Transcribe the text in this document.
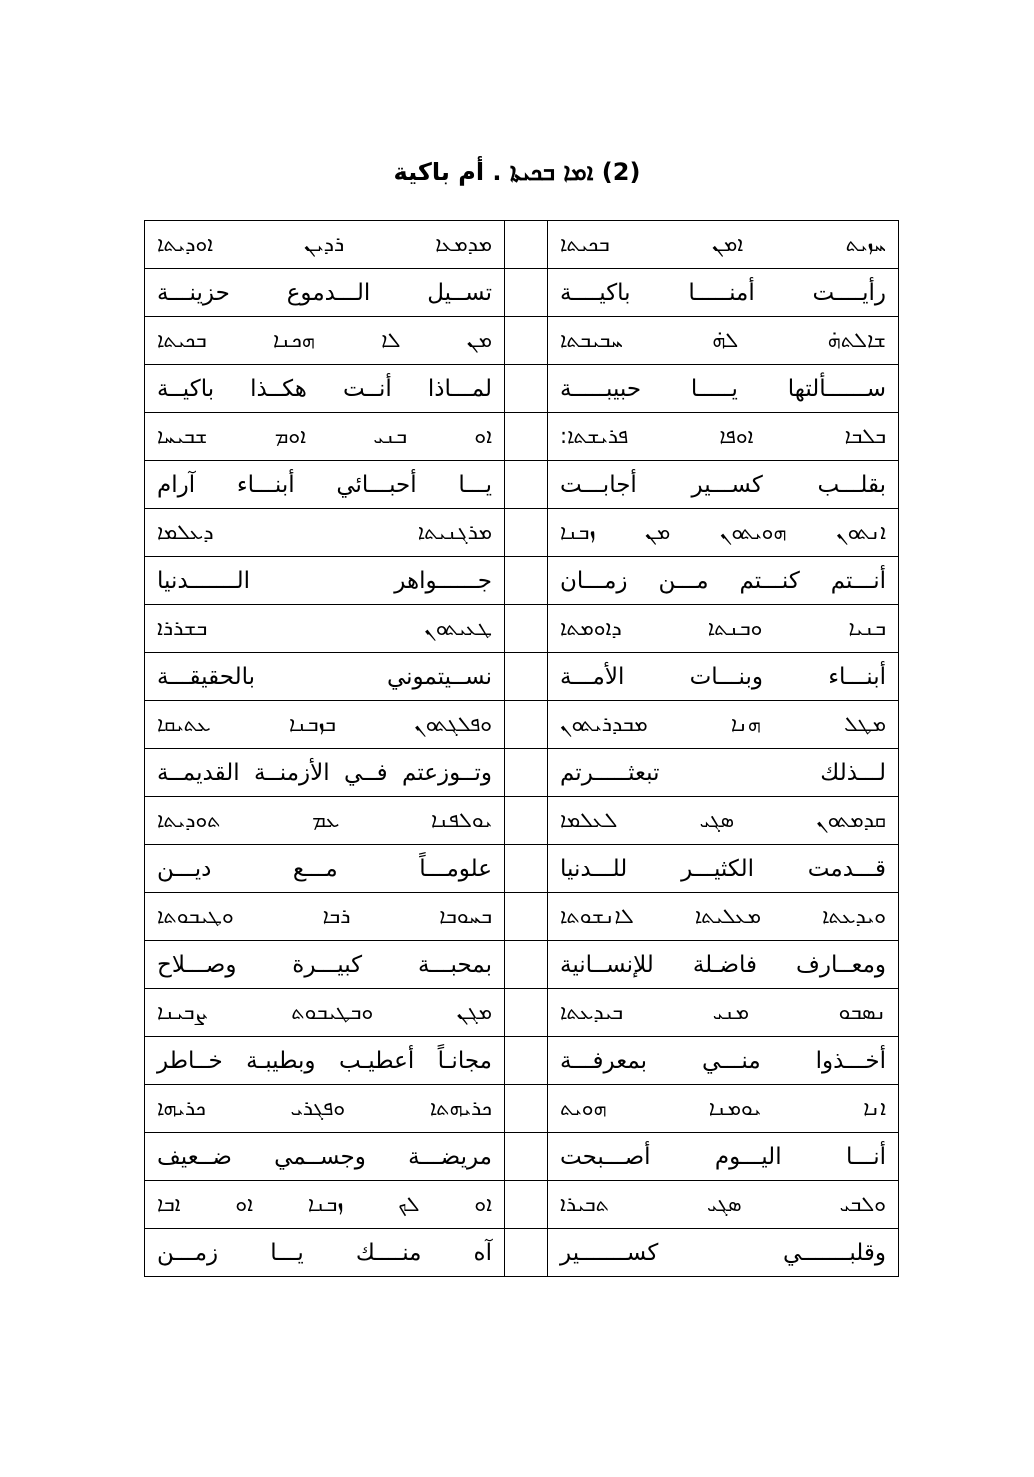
(2) ܐܡܐ ܒܟܝܬܐ . أم باكية
ܡܕܡܥܐ ܪܕܝܢ ܐܘܕܝܬܐ		ܚܙܝܬ ܐܡܢ ܒܟܝܬܐ
تســيل الـــدموع حزينـــة		رأيــــت أمنـــــا باكيــــة
ܡܢ ܠܐ ܗܟܢܐ ܒܟܝܬܐ		ܫܐܠܬܗ̇ ܠܗ̇ ܚܒܝܒܬܐ
لمـــاذا أنــت هكــذا باكيــة		ســــــألتها يـــــا حبيبـــــة
ܐܘ ܒܢܝ ܐܘܡ ܫܒܝܚܐ		ܒܠܒܐ ܐܘܦܐ ܦܪܝܫܬܐ:
يـــا أحبـــائي أبنـــاء آرام		بقلـــب كســـير أجابـــت
ܡܪܓܢܝܬܐ ܕܥܠܡܐ		ܐܢܬܘܢ ܗܘܝܬܘܢ ܡܢ ܙܒܢܐ
جــــــواهر الـــــــدنيا		أنـــتم كنـــتم مـــن زمـــان
ܛܥܝܬܘܢ ܒܫܪܪܐ		ܒܢܝܐ ܘܒܢܬܐ ܕܐܘܡܬܐ
نســيتموني بالحقيقـــة		أبنـــاء وبنـــات الأمـــة
ܘܦܠܓܬܘܢ ܒܙܒܢܐ ܥܬܝܩܐ		ܡܛܠ ܗܢܐ ܡܒܕܪܝܬܘܢ
وتــوزعتم فــي الأزمنــة القديمــة		لـــذلك تبعثـــــرتم
ܝܘܠܦܢܐ ܥܡ ܬܘܕܝܬܐ		ܩܕܡܬܘܢ ܣܓܝ ܠܥܠܡܐ
علومـــاً مـــع ديـــن		قـــدمت الكثيـــر للـــدنيا
ܒܚܘܒܐ ܪܒܐ ܘܛܝܒܘܬܐ		ܘܝܕܥܬܐ ܡܥܠܝܬܐ ܠܐܢܫܘܬܐ
بمحبـــة كبيـــرة وصـــلاح		ومعــارف فاضـلة للإنســانية
ܡܓܢ ܘܒܛܝܒܘܬ ܨܒܝܢܐ		ܢܣܒܘ ܡܢܝ ܒܝܕܥܬܐ
مجانـاً أعطيـب وبطيبـة خــاطر		أخـــذوا منـــي بمعرفـــة
ܟܪܝܗܬܐ ܘܦܓܪܝ ܟܪܝܗܐ		ܐܢܐ ܝܘܡܢܐ ܗܘܝܬ
مريضـــة وجســمي ضــعيف		أنـــا اليـــوم أصـــبحت
ܐܘ ܠܟ ܙܒܢܐ ܐܘ ܐܒܐ		ܘܠܒܝ ܣܓܝ ܬܒܝܪܐ
آه منــــك يـــا زمـــن		وقلبـــــــي كســـــــير
